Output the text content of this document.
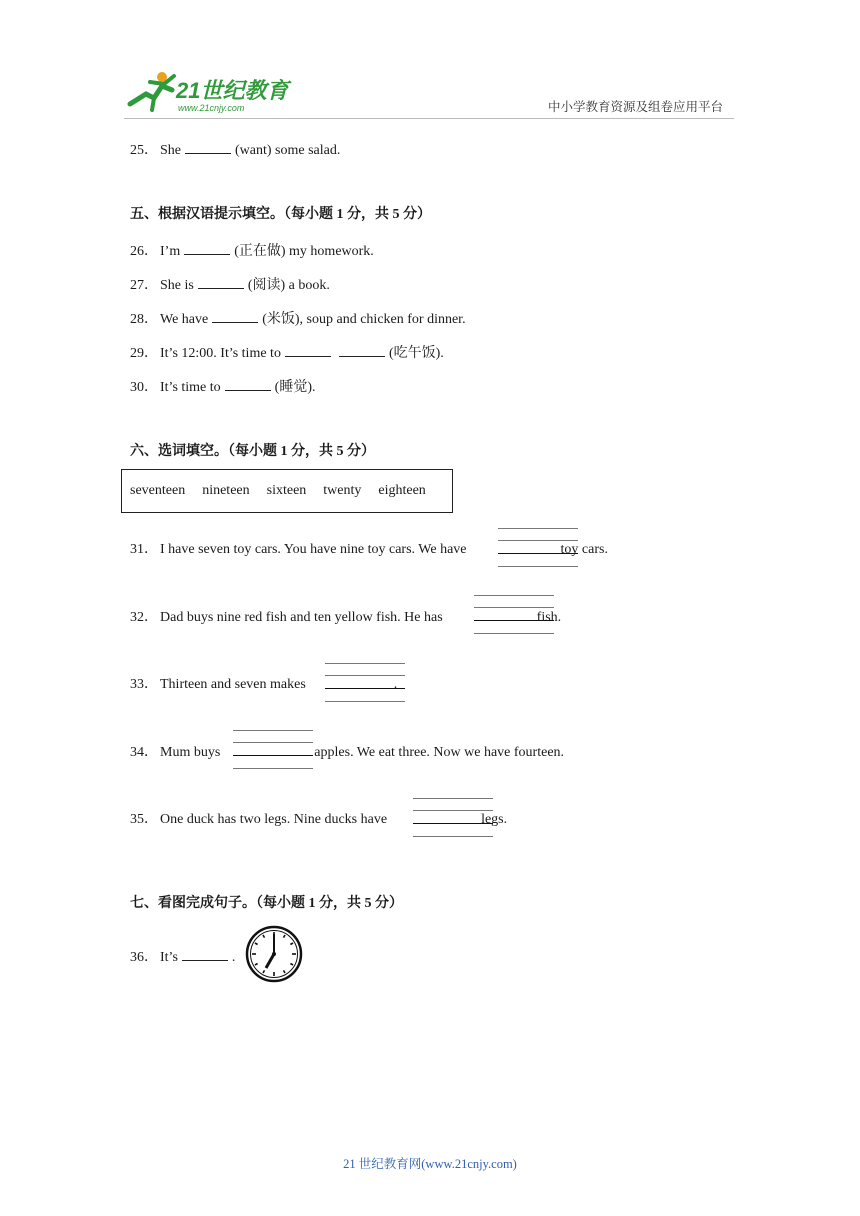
21世纪教育
www.21cnjy.com	中小学教育资源及组卷应用平台
25． She	(want) some salad.
五、根据汉语提示填空。（每小题 1 分，共 5 分）
26． I’m	(正在做) my homework.
27． She is	(阅读) a book.
28． We have	(米饭), soup and chicken for dinner.
29． It’s 12:00. It’s time to	(吃午饭).
30． It’s time to	(睡觉).
六、选词填空。（每小题 1 分，共 5 分）
seventeen nineteen sixteen twenty eighteen
31． I have seven toy cars. You have nine toy cars. We have	toy cars.
32． Dad buys nine red fish and ten yellow fish. He has	fish.
33． Thirteen and seven makes	.
34． Mum buys	apples. We eat three. Now we have fourteen.
35． One duck has two legs. Nine ducks have	legs.
七、看图完成句子。（每小题 1 分，共 5 分）
36． It’s	.
21 世纪教育网(www.21cnjy.com)
